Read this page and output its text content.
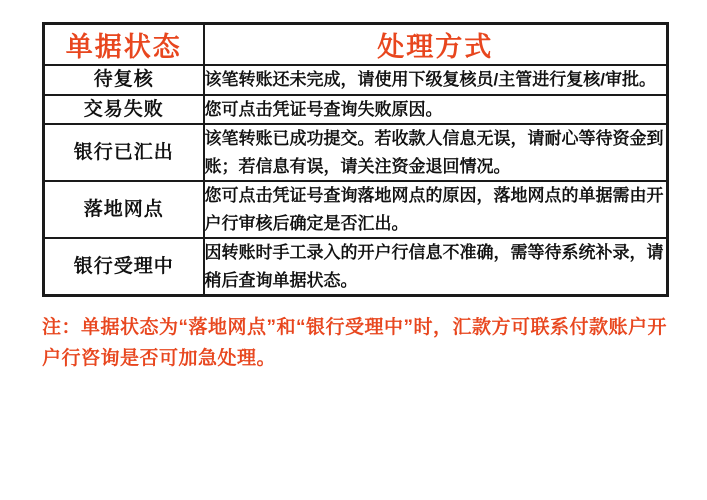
单据状态	处理方式
待复核	该笔转账还未完成，请使用下级复核员/主管进行复核/审批。
交易失败	您可点击凭证号查询失败原因。
银行已汇出	该笔转账已成功提交。若收款人信息无误，请耐心等待资金到账；若信息有误，请关注资金退回情况。
落地网点	您可点击凭证号查询落地网点的原因，落地网点的单据需由开户行审核后确定是否汇出。
银行受理中	因转账时手工录入的开户行信息不准确，需等待系统补录，请稍后查询单据状态。
注：单据状态为“落地网点”和“银行受理中”时，汇款方可联系付款账户开户行咨询是否可加急处理。
